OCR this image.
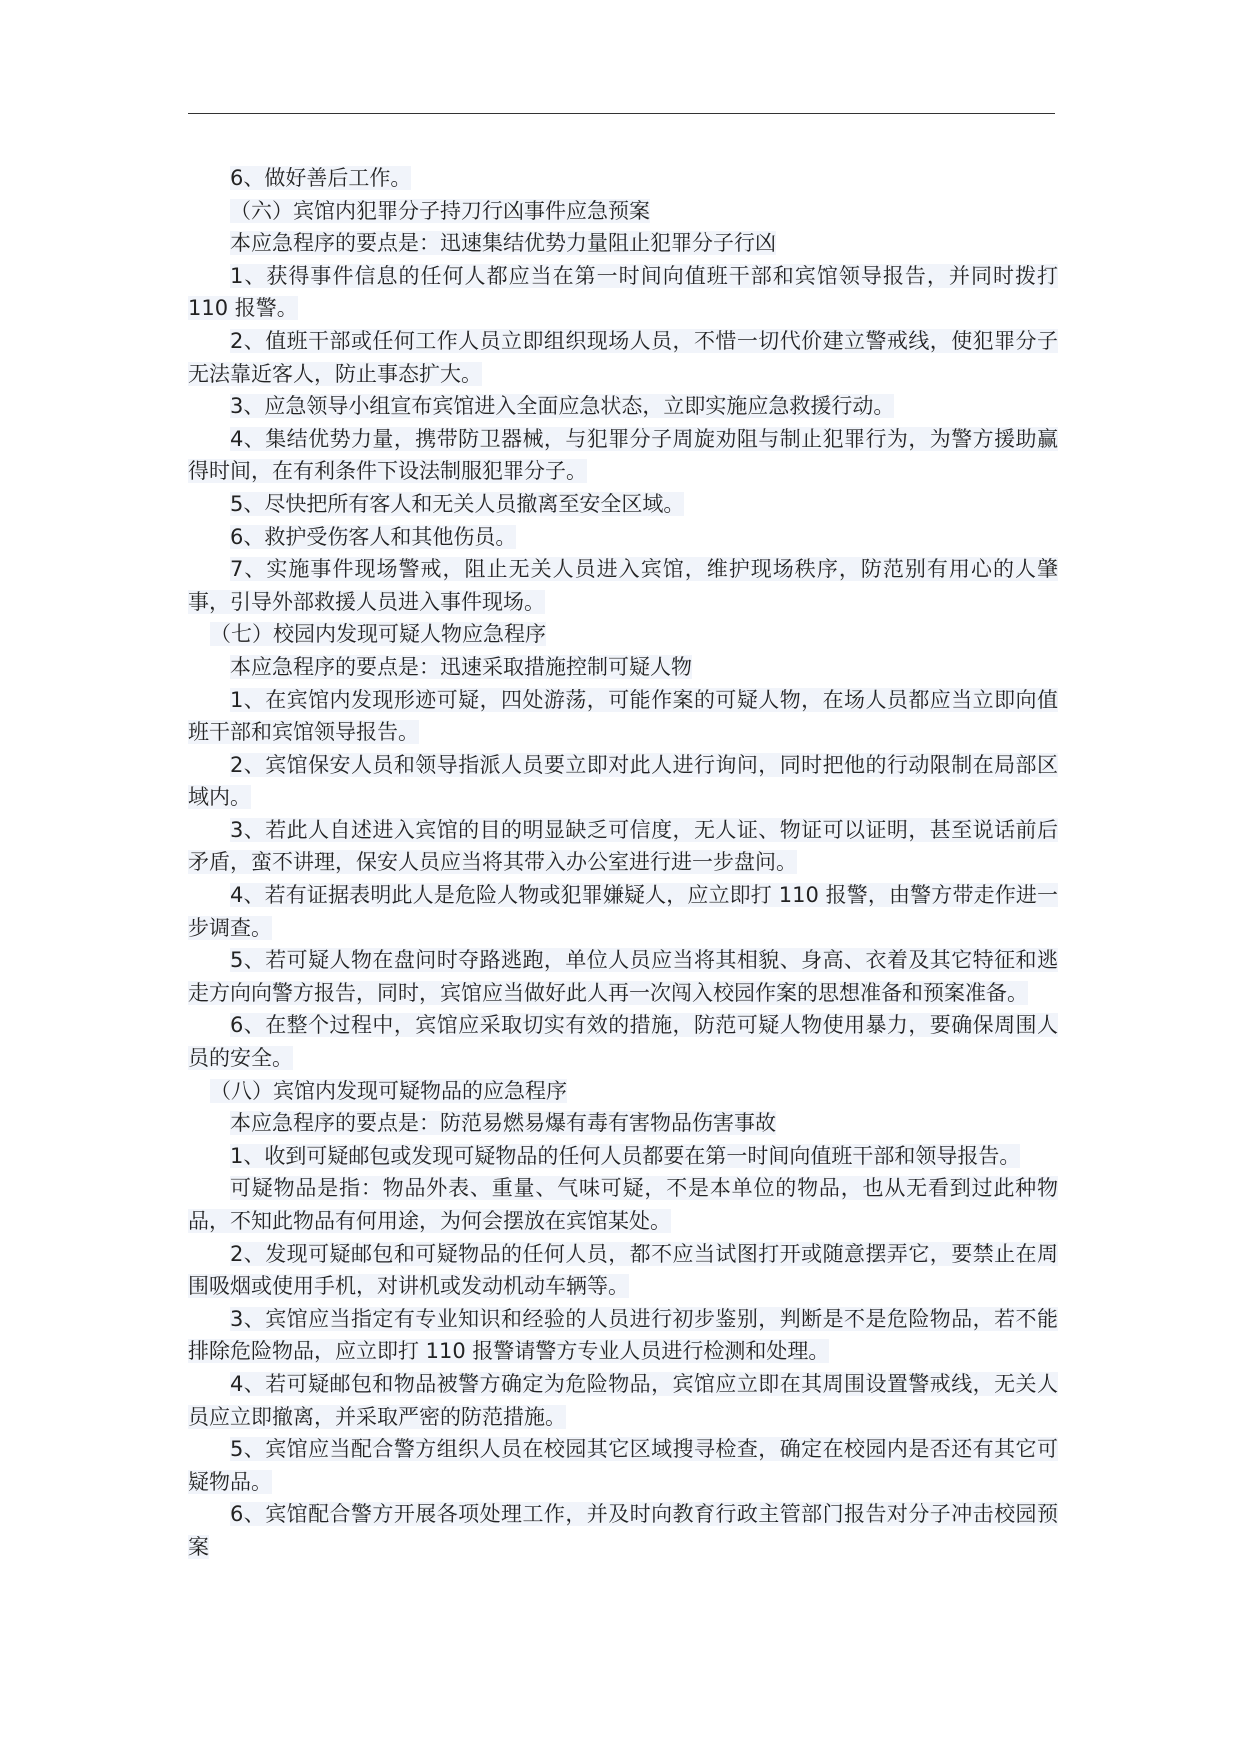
6、做好善后工作。

（六）宾馆内犯罪分子持刀行凶事件应急预案

本应急程序的要点是：迅速集结优势力量阻止犯罪分子行凶

1、获得事件信息的任何人都应当在第一时间向值班干部和宾馆领导报告，并同时拨打 110 报警。

2、值班干部或任何工作人员立即组织现场人员，不惜一切代价建立警戒线，使犯罪分子无法靠近客人，防止事态扩大。

3、应急领导小组宣布宾馆进入全面应急状态，立即实施应急救援行动。

4、集结优势力量，携带防卫器械，与犯罪分子周旋劝阻与制止犯罪行为，为警方援助赢得时间，在有利条件下设法制服犯罪分子。

5、尽快把所有客人和无关人员撤离至安全区域。

6、救护受伤客人和其他伤员。

7、实施事件现场警戒，阻止无关人员进入宾馆，维护现场秩序，防范别有用心的人肇事，引导外部救援人员进入事件现场。

（七）校园内发现可疑人物应急程序

本应急程序的要点是：迅速采取措施控制可疑人物

1、在宾馆内发现形迹可疑，四处游荡，可能作案的可疑人物，在场人员都应当立即向值班干部和宾馆领导报告。

2、宾馆保安人员和领导指派人员要立即对此人进行询问，同时把他的行动限制在局部区域内。

3、若此人自述进入宾馆的目的明显缺乏可信度，无人证、物证可以证明，甚至说话前后矛盾，蛮不讲理，保安人员应当将其带入办公室进行进一步盘问。

4、若有证据表明此人是危险人物或犯罪嫌疑人，应立即打 110 报警，由警方带走作进一步调查。

5、若可疑人物在盘问时夺路逃跑，单位人员应当将其相貌、身高、衣着及其它特征和逃走方向向警方报告，同时，宾馆应当做好此人再一次闯入校园作案的思想准备和预案准备。

6、在整个过程中，宾馆应采取切实有效的措施，防范可疑人物使用暴力，要确保周围人员的安全。

（八）宾馆内发现可疑物品的应急程序

本应急程序的要点是：防范易燃易爆有毒有害物品伤害事故

1、收到可疑邮包或发现可疑物品的任何人员都要在第一时间向值班干部和领导报告。

可疑物品是指：物品外表、重量、气味可疑，不是本单位的物品，也从无看到过此种物品，不知此物品有何用途，为何会摆放在宾馆某处。

2、发现可疑邮包和可疑物品的任何人员，都不应当试图打开或随意摆弄它，要禁止在周围吸烟或使用手机，对讲机或发动机动车辆等。

3、宾馆应当指定有专业知识和经验的人员进行初步鉴别，判断是不是危险物品，若不能排除危险物品，应立即打 110 报警请警方专业人员进行检测和处理。

4、若可疑邮包和物品被警方确定为危险物品，宾馆应立即在其周围设置警戒线，无关人员应立即撤离，并采取严密的防范措施。

5、宾馆应当配合警方组织人员在校园其它区域搜寻检查，确定在校园内是否还有其它可疑物品。

6、宾馆配合警方开展各项处理工作，并及时向教育行政主管部门报告对分子冲击校园预案
